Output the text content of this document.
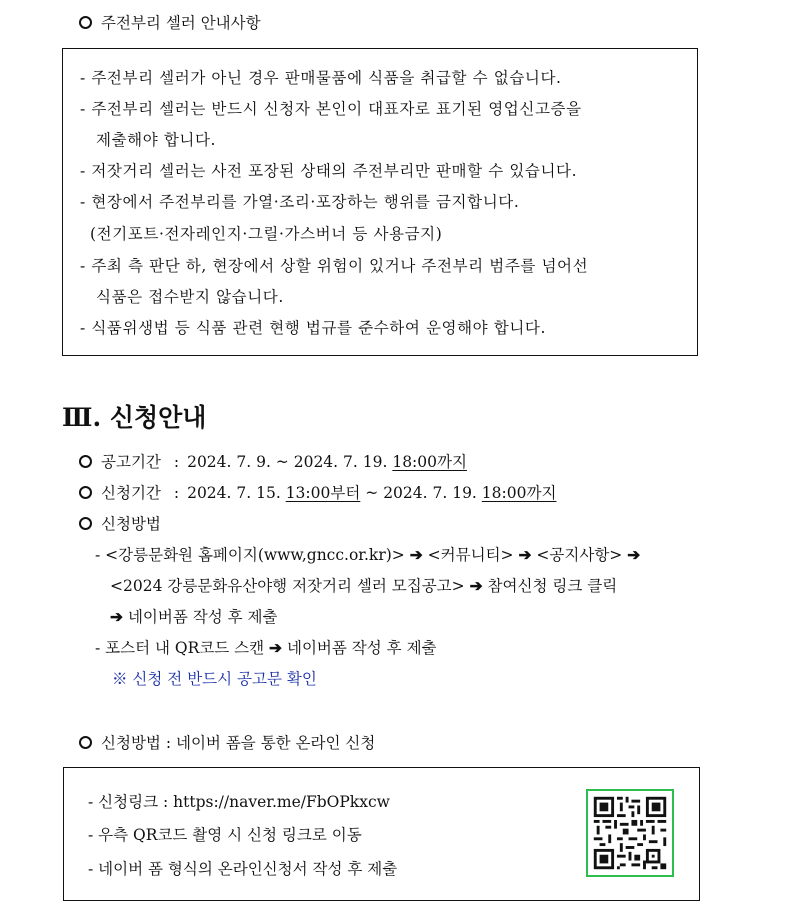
주전부리 셀러 안내사항
- 주전부리 셀러가 아닌 경우 판매물품에 식품을 취급할 수 없습니다.
- 주전부리 셀러는 반드시 신청자 본인이 대표자로 표기된 영업신고증을
제출해야 합니다.
- 저잣거리 셀러는 사전 포장된 상태의 주전부리만 판매할 수 있습니다.
- 현장에서 주전부리를 가열·조리·포장하는 행위를 금지합니다.
(전기포트·전자레인지·그릴·가스버너 등 사용금지)
- 주최 측 판단 하, 현장에서 상할 위험이 있거나 주전부리 범주를 넘어선
식품은 접수받지 않습니다.
- 식품위생법 등 식품 관련 현행 법규를 준수하여 운영해야 합니다.
Ⅲ. 신청안내
공고기간 : 2024. 7. 9. ~ 2024. 7. 19. 18:00까지
신청기간 : 2024. 7. 15. 13:00부터 ~ 2024. 7. 19. 18:00까지
신청방법
- <강릉문화원 홈페이지(www,gncc.or.kr)> ➔ <커뮤니티> ➔ <공지사항> ➔
<2024 강릉문화유산야행 저잣거리 셀러 모집공고> ➔ 참여신청 링크 클릭
➔ 네이버폼 작성 후 제출
- 포스터 내 QR코드 스캔 ➔ 네이버폼 작성 후 제출
※ 신청 전 반드시 공고문 확인
신청방법 : 네이버 폼을 통한 온라인 신청
- 신청링크 : https://naver.me/FbOPkxcw
- 우측 QR코드 촬영 시 신청 링크로 이동
- 네이버 폼 형식의 온라인신청서 작성 후 제출
